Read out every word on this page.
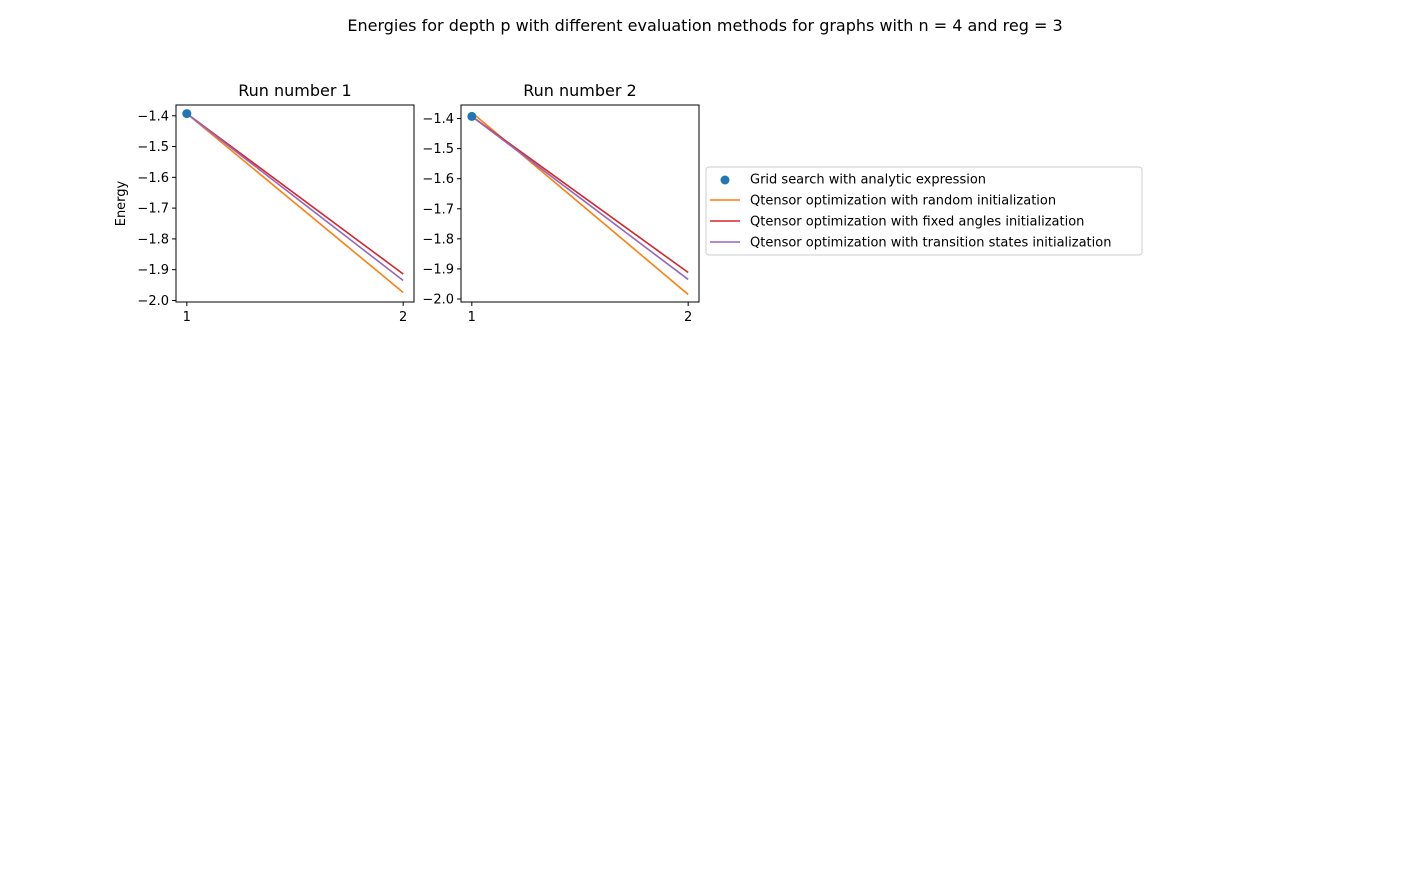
Energies for depth p with different evaluation methods for graphs with n = 4 and reg = 3
Run number 1
−1.4
−1.5
−1.6
−1.7
−1.8
−1.9
−2.0
1	2
Energy
Run number 2
−1.4
−1.5
−1.6
−1.7
−1.8
−1.9
−2.0
1	2
Grid search with analytic expression
Qtensor optimization with random initialization
Qtensor optimization with fixed angles initialization
Qtensor optimization with transition states initialization
